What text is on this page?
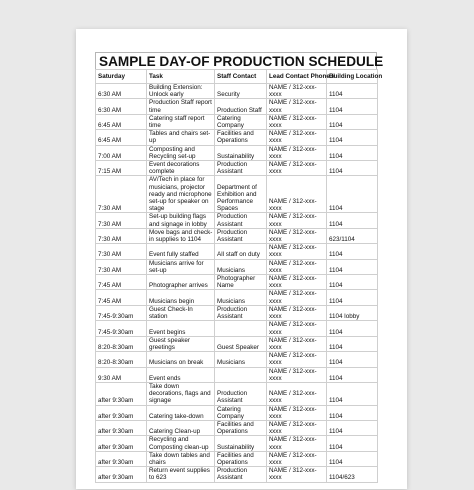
SAMPLE DAY-OF PRODUCTION SCHEDULE
Saturday	Task	Staff Contact	Lead Contact Phone #	Building Location
6:30 AM	Building Extension: Unlock early	Security	NAME / 312-xxx-xxxx	1104
6:30 AM	Production Staff report time	Production Staff	NAME / 312-xxx-xxxx	1104
6:45 AM	Catering staff report time	Catering Company	NAME / 312-xxx-xxxx	1104
6:45 AM	Tables and chairs set-up	Facilities and Operations	NAME / 312-xxx-xxxx	1104
7:00 AM	Composting and Recycling set-up	Sustainability	NAME / 312-xxx-xxxx	1104
7:15 AM	Event decorations complete	Production Assistant	NAME / 312-xxx-xxxx	1104
7:30 AM	AV/Tech in place for musicians, projector ready and microphone set-up for speaker on stage	Department of Exhibition and Performance Spaces	NAME / 312-xxx-xxxx	1104
7:30 AM	Set-up building flags and signage in lobby	Production Assistant	NAME / 312-xxx-xxxx	1104
7:30 AM	Move bags and check-in supplies to 1104	Production Assistant	NAME / 312-xxx-xxxx	623/1104
7:30 AM	Event fully staffed	All staff on duty	NAME / 312-xxx-xxxx	1104
7:30 AM	Musicians arrive for set-up	Musicians	NAME / 312-xxx-xxxx	1104
7:45 AM	Photographer arrives	Photographer Name	NAME / 312-xxx-xxxx	1104
7:45 AM	Musicians begin	Musicians	NAME / 312-xxx-xxxx	1104
7:45-9:30am	Guest Check-In station	Production Assistant	NAME / 312-xxx-xxxx	1104 lobby
7:45-9:30am	Event begins		NAME / 312-xxx-xxxx	1104
8:20-8:30am	Guest speaker greetings	Guest Speaker	NAME / 312-xxx-xxxx	1104
8:20-8:30am	Musicians on break	Musicians	NAME / 312-xxx-xxxx	1104
9:30 AM	Event ends		NAME / 312-xxx-xxxx	1104
after 9:30am	Take down decorations, flags and signage	Production Assistant	NAME / 312-xxx-xxxx	1104
after 9:30am	Catering take-down	Catering Company	NAME / 312-xxx-xxxx	1104
after 9:30am	Catering Clean-up	Facilities and Operations	NAME / 312-xxx-xxxx	1104
after 9:30am	Recycling and Composting clean-up	Sustainability	NAME / 312-xxx-xxxx	1104
after 9:30am	Take down tables and chairs	Facilities and Operations	NAME / 312-xxx-xxxx	1104
after 9:30am	Return event supplies to 623	Production Assistant	NAME / 312-xxx-xxxx	1104/623
